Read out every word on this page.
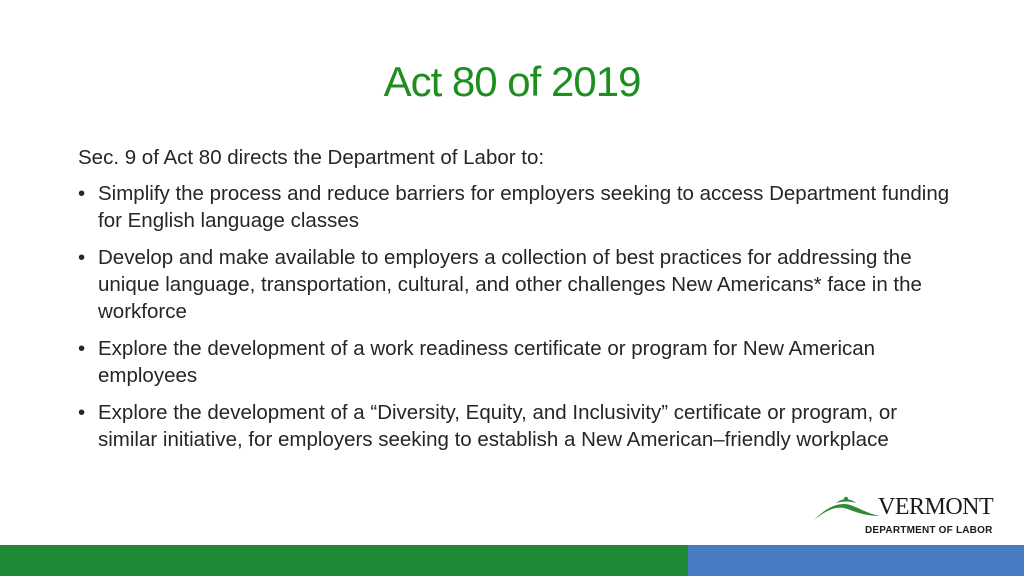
Act 80 of 2019

Sec. 9 of Act 80 directs the Department of Labor to:

• Simplify the process and reduce barriers for employers seeking to access Department funding for English language classes
• Develop and make available to employers a collection of best practices for addressing the unique language, transportation, cultural, and other challenges New Americans* face in the workforce
• Explore the development of a work readiness certificate or program for New American employees
• Explore the development of a “Diversity, Equity, and Inclusivity” certificate or program, or similar initiative, for employers seeking to establish a New American–friendly workplace
VERMONT
DEPARTMENT OF LABOR
